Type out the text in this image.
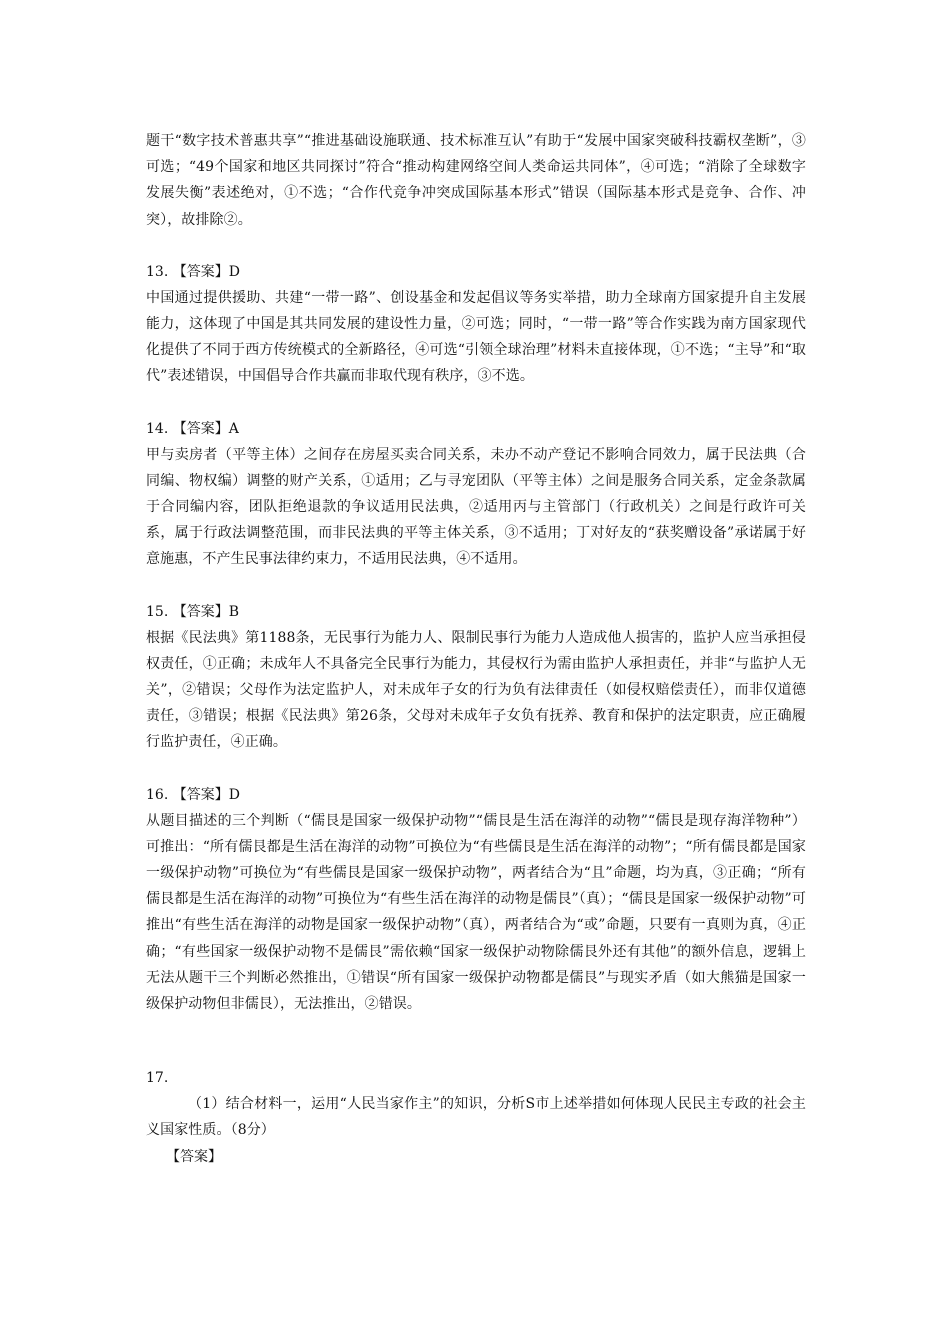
题干“数字技术普惠共享”“推进基础设施联通、技术标准互认”有助于“发展中国家突破科技霸权垄断”，③可选；“49个国家和地区共同探讨”符合“推动构建网络空间人类命运共同体”，④可选；“消除了全球数字发展失衡”表述绝对，①不选；“合作代竞争冲突成国际基本形式”错误（国际基本形式是竞争、合作、冲突），故排除②。

13. 【答案】D

中国通过提供援助、共建“一带一路”、创设基金和发起倡议等务实举措，助力全球南方国家提升自主发展能力，这体现了中国是其共同发展的建设性力量，②可选；同时，“一带一路”等合作实践为南方国家现代化提供了不同于西方传统模式的全新路径，④可选“引领全球治理”材料未直接体现，①不选；“主导”和“取代”表述错误，中国倡导合作共赢而非取代现有秩序，③不选。

14. 【答案】A

甲与卖房者（平等主体）之间存在房屋买卖合同关系，未办不动产登记不影响合同效力，属于民法典（合同编、物权编）调整的财产关系，①适用；乙与寻宠团队（平等主体）之间是服务合同关系，定金条款属于合同编内容，团队拒绝退款的争议适用民法典，②适用丙与主管部门（行政机关）之间是行政许可关系，属于行政法调整范围，而非民法典的平等主体关系，③不适用；丁对好友的“获奖赠设备”承诺属于好意施惠，不产生民事法律约束力，不适用民法典，④不适用。

15. 【答案】B

根据《民法典》第1188条，无民事行为能力人、限制民事行为能力人造成他人损害的，监护人应当承担侵权责任，①正确；未成年人不具备完全民事行为能力，其侵权行为需由监护人承担责任，并非“与监护人无关”，②错误；父母作为法定监护人，对未成年子女的行为负有法律责任（如侵权赔偿责任），而非仅道德责任，③错误；根据《民法典》第26条，父母对未成年子女负有抚养、教育和保护的法定职责，应正确履行监护责任，④正确。

16. 【答案】D

从题目描述的三个判断（“儒艮是国家一级保护动物”“儒艮是生活在海洋的动物”“儒艮是现存海洋物种”）可推出：“所有儒艮都是生活在海洋的动物”可换位为“有些儒艮是生活在海洋的动物”；“所有儒艮都是国家一级保护动物”可换位为“有些儒艮是国家一级保护动物”，两者结合为“且”命题，均为真，③正确；“所有儒艮都是生活在海洋的动物”可换位为“有些生活在海洋的动物是儒艮”（真）；“儒艮是国家一级保护动物”可推出“有些生活在海洋的动物是国家一级保护动物”（真），两者结合为“或”命题，只要有一真则为真，④正确；“有些国家一级保护动物不是儒艮”需依赖“国家一级保护动物除儒艮外还有其他”的额外信息，逻辑上无法从题干三个判断必然推出，①错误“所有国家一级保护动物都是儒艮”与现实矛盾（如大熊猫是国家一级保护动物但非儒艮），无法推出，②错误。

17.

（1）结合材料一，运用“人民当家作主”的知识，分析S市上述举措如何体现人民民主专政的社会主义国家性质。（8分）

【答案】
